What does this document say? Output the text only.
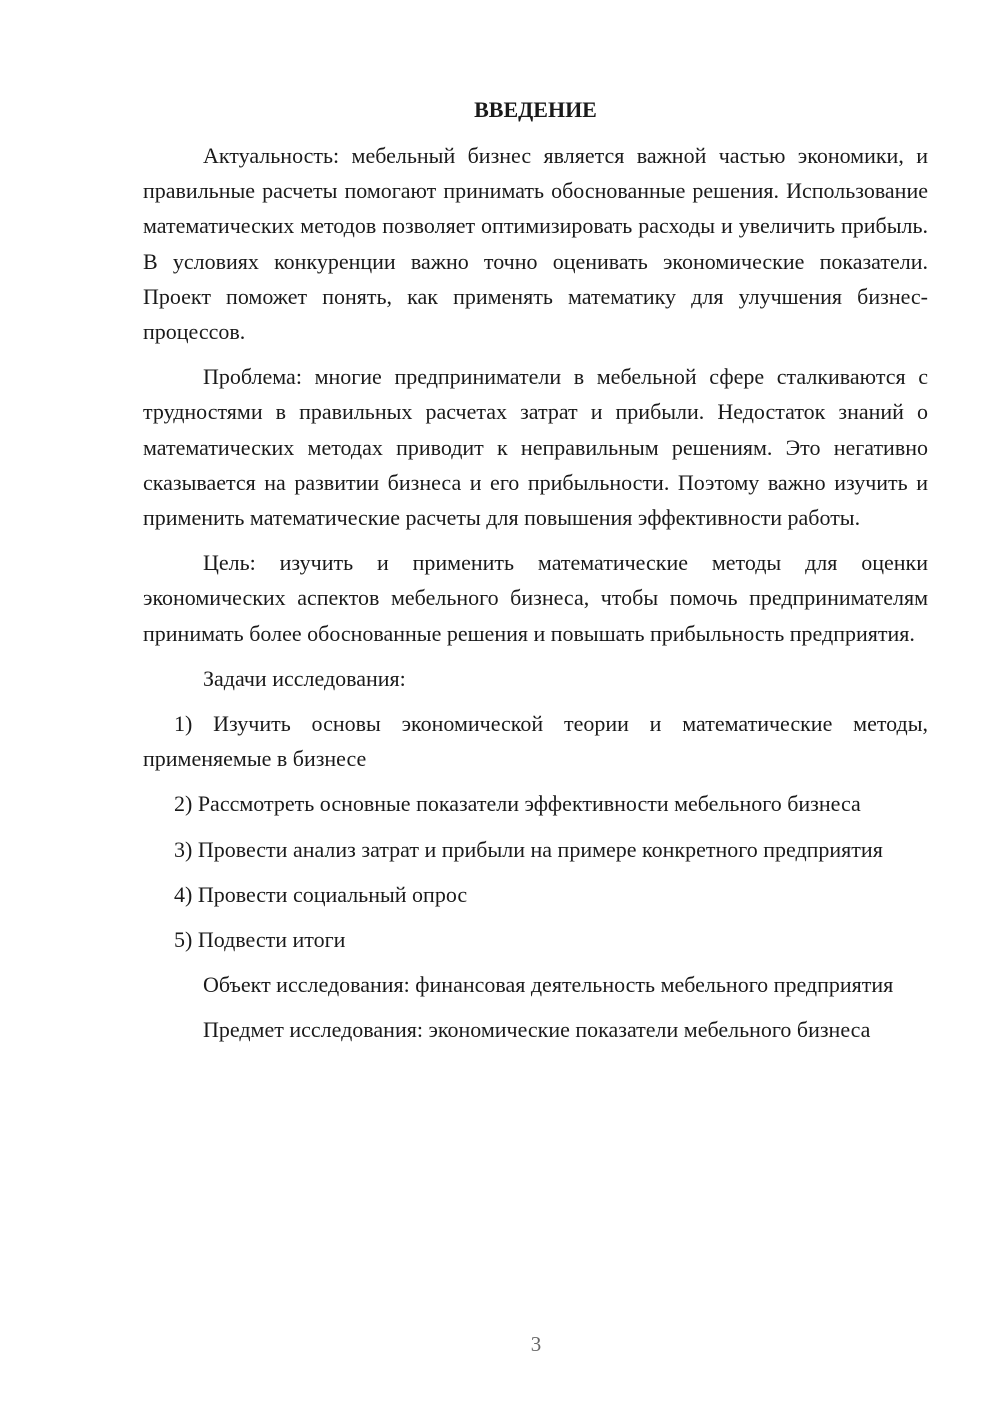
ВВЕДЕНИЕ

Актуальность: мебельный бизнес является важной частью экономики, и правильные расчеты помогают принимать обоснованные решения. Использование математических методов позволяет оптимизировать расходы и увеличить прибыль. В условиях конкуренции важно точно оценивать экономические показатели. Проект поможет понять, как применять математику для улучшения бизнес-процессов.

Проблема: многие предприниматели в мебельной сфере сталкиваются с трудностями в правильных расчетах затрат и прибыли. Недостаток знаний о математических методах приводит к неправильным решениям. Это негативно сказывается на развитии бизнеса и его прибыльности. Поэтому важно изучить и применить математические расчеты для повышения эффективности работы.

Цель: изучить и применить математические методы для оценки экономических аспектов мебельного бизнеса, чтобы помочь предпринимателям принимать более обоснованные решения и повышать прибыльность предприятия.

Задачи исследования:

1) Изучить основы экономической теории и математические методы, применяемые в бизнесе

2) Рассмотреть основные показатели эффективности мебельного бизнеса

3) Провести анализ затрат и прибыли на примере конкретного предприятия

4) Провести социальный опрос

5) Подвести итоги

Объект исследования: финансовая деятельность мебельного предприятия

Предмет исследования: экономические показатели мебельного бизнеса

3
